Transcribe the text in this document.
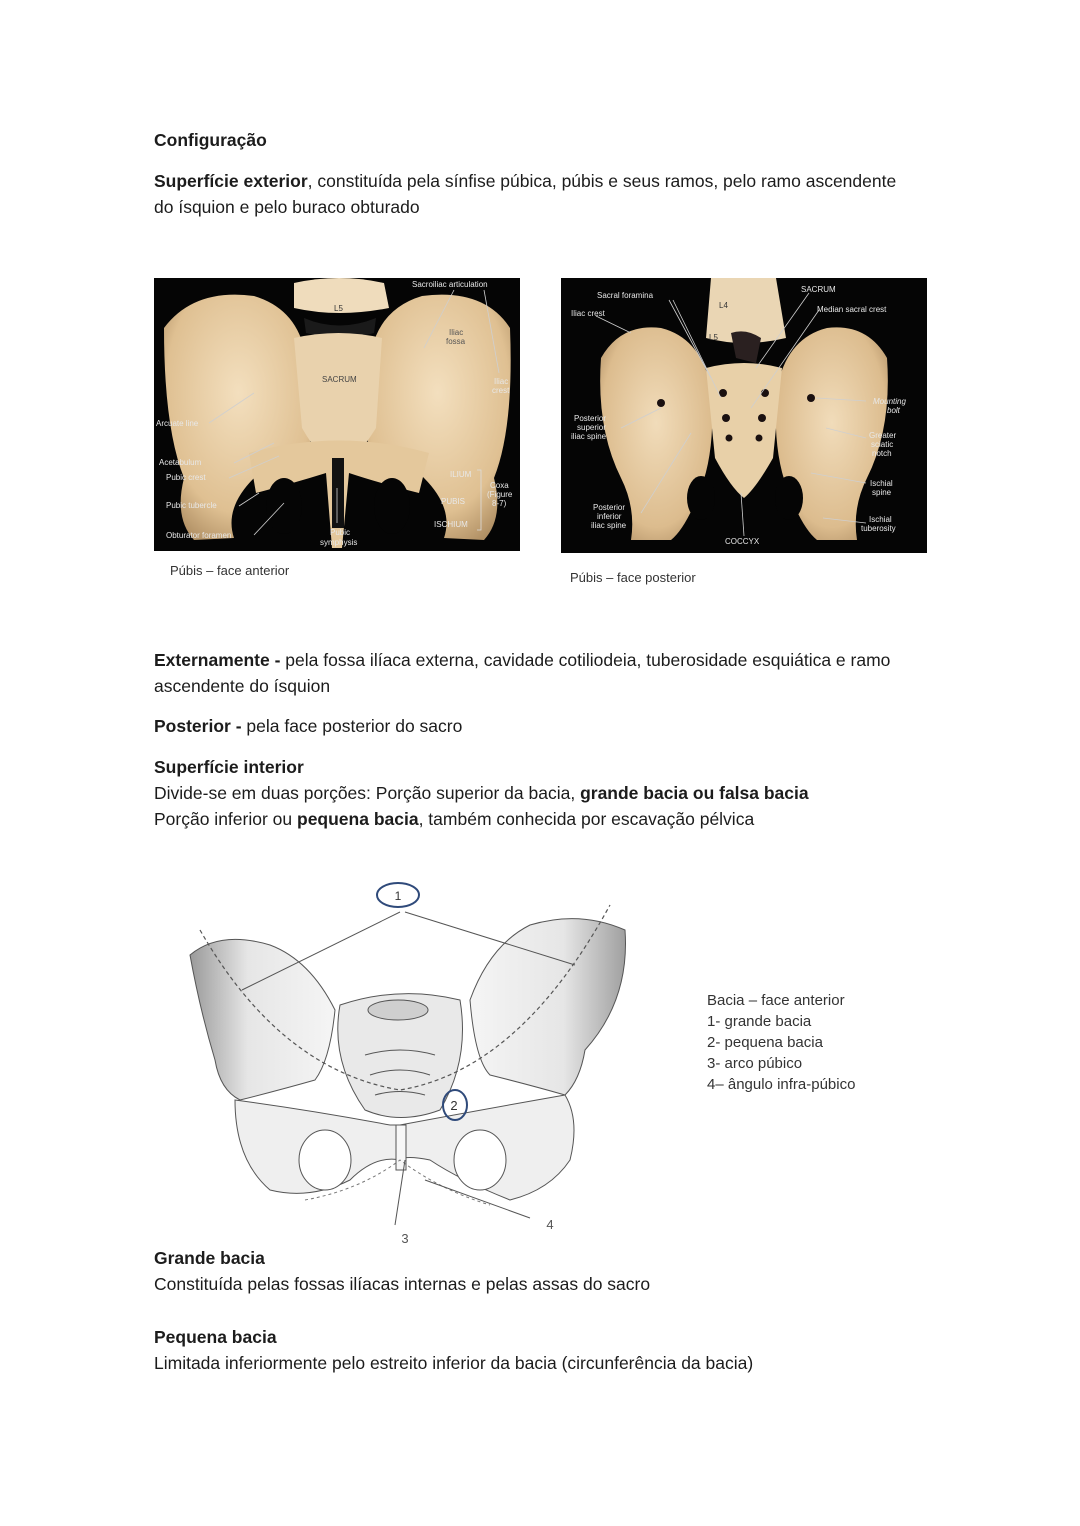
Configuração
Superfície exterior, constituída pela sínfise púbica, púbis e seus ramos, pelo ramo ascendente
do ísquion e pelo buraco obturado
Sacroiliac articulation
L5
Iliac
fossa
SACRUM	Iliac
crest
Arcuate line
Acetabulum
Pubic crest
Pubic tubercle
Obturator foramen	Pubic
symphysis
ILIUM
PUBIS
ISCHIUM
Coxa
(Figure
8-7)
Púbis – face anterior
Sacral foramina
Iliac crest
L4
L5
SACRUM
Median sacral crest
Mounting
bolt
Posterior
superior
iliac spine	Greater
sciatic
notch
Ischial
spine
Posterior
inferior
iliac spine
COCCYX
Ischial
tuberosity
Púbis – face posterior
Externamente - pela fossa ilíaca externa, cavidade cotiliodeia, tuberosidade esquiática e ramo
ascendente do ísquion
Posterior - pela face posterior do sacro
Superfície interior
Divide-se em duas porções: Porção superior da bacia, grande bacia ou falsa bacia
Porção inferior ou pequena bacia, também conhecida por escavação pélvica
1
2
3
4
Bacia – face anterior
1- grande bacia
2- pequena bacia
3- arco púbico
4– ângulo infra-púbico
Grande bacia
Constituída pelas fossas ilíacas internas e pelas assas do sacro
Pequena bacia
Limitada inferiormente pelo estreito inferior da bacia (circunferência da bacia)
